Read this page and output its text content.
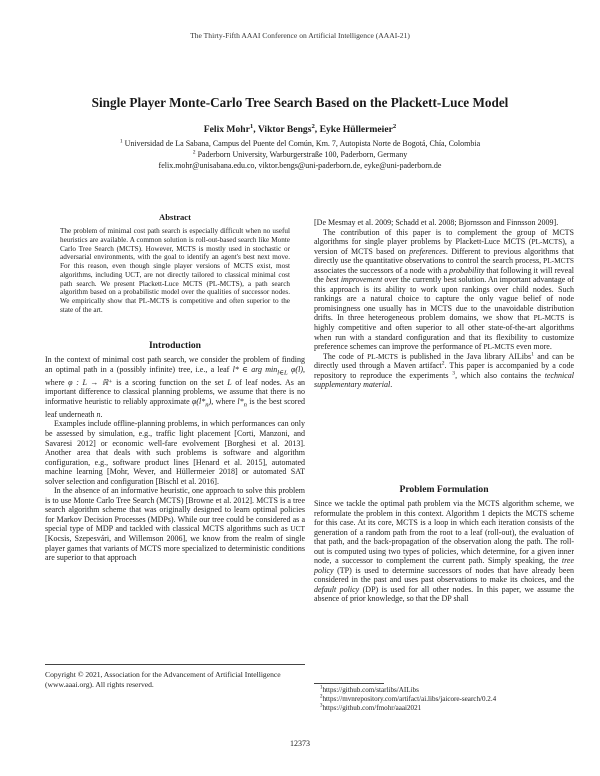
The Thirty-Fifth AAAI Conference on Artificial Intelligence (AAAI-21)
Single Player Monte-Carlo Tree Search Based on the Plackett-Luce Model
Felix Mohr$^1$, Viktor Bengs$^2$, Eyke Hüllermeier$^2$
$^1$ Universidad de La Sabana, Campus del Puente del Común, Km. 7, Autopista Norte de Bogotá, Chía, Colombia
$^2$ Paderborn University, Warburgerstraße 100, Paderborn, Germany
felix.mohr@unisabana.edu.co, viktor.bengs@uni-paderborn.de, eyke@uni-paderborn.de
Abstract

The problem of minimal cost path search is especially difficult when no useful heuristics are available. A common solution is roll-out-based search like Monte Carlo Tree Search (MCTS). However, MCTS is mostly used in stochastic or adversarial environments, with the goal to identify an agent's best next move. For this reason, even though single player versions of MCTS exist, most algorithms, including UCT, are not directly tailored to classical minimal cost path search. We present Plackett-Luce MCTS (PL-MCTS), a path search algorithm based on a probabilistic model over the qualities of successor nodes. We empirically show that PL-MCTS is competitive and often superior to the state of the art.

Introduction

In the context of minimal cost path search, we consider the problem of finding an optimal path in a (possibly infinite) tree, i.e., a leaf l* ∈ arg $\min_{l\in L} \varphi(l)$, where φ : L → ℝ⁺ is a scoring function on the set L of leaf nodes. As an important difference to classical planning problems, we assume that there is no informative heuristic to reliably approximate $\varphi(l*_n)$, where $l*_n$ is the best scored leaf underneath n.

Examples include offline-planning problems, in which performances can only be assessed by simulation, e.g., traffic light placement [Corti, Manzoni, and Savaresi 2012] or economic well-fare evolvement [Borghesi et al. 2013]. Another area that deals with such problems is software and algorithm configuration, e.g., software product lines [Henard et al. 2015], automated machine learning [Mohr, Wever, and Hüllermeier 2018] or automated SAT solver selection and configuration [Bischl et al. 2016].

In the absence of an informative heuristic, one approach to solve this problem is to use Monte Carlo Tree Search (MCTS) [Browne et al. 2012]. MCTS is a tree search algorithm scheme that was originally designed to learn optimal policies for Markov Decision Processes (MDPs). While our tree could be considered as a special type of MDP and tackled with classical MCTS algorithms such as UCT [Kocsis, Szepesvári, and Willemson 2006], we know from the realm of single player games that variants of MCTS more specialized to deterministic conditions are superior to that approach

Copyright © 2021, Association for the Advancement of Artificial Intelligence (www.aaai.org). All rights reserved.

[De Mesmay et al. 2009; Schadd et al. 2008; Bjornsson and Finnsson 2009].

The contribution of this paper is to complement the group of MCTS algorithms for single player problems by Plackett-Luce MCTS (PL-MCTS), a version of MCTS based on preferences. Different to previous algorithms that directly use the quantitative observations to control the search process, PL-MCTS associates the successors of a node with a probability that following it will reveal the best improvement over the currently best solution. An important advantage of this approach is its ability to work upon rankings over child nodes. Such rankings are a natural choice to capture the only vague belief of node promisingness one usually has in MCTS due to the unavoidable distribution drifts. In three heterogeneous problem domains, we show that PL-MCTS is highly competitive and often superior to all other state-of-the-art algorithms when run with a standard configuration and that its flexibility to customize preference schemes can improve the performance of PL-MCTS even more.

The code of PL-MCTS is published in the Java library AILibs$^1$ and can be directly used through a Maven artifact$^2$. This paper is accompanied by a code repository to reproduce the experiments $^3$, which also contains the technical supplementary material.

Problem Formulation

Since we tackle the optimal path problem via the MCTS algorithm scheme, we reformulate the problem in this context. Algorithm 1 depicts the MCTS scheme for this case. At its core, MCTS is a loop in which each iteration consists of the generation of a random path from the root to a leaf (roll-out), the evaluation of that path, and the back-propagation of the observation along the path. The roll-out is computed using two types of policies, which determine, for a given inner node, a successor to complement the current path. Simply speaking, the tree policy (TP) is used to determine successors of nodes that have already been considered in the past and uses past observations to make its choices, and the default policy (DP) is used for all other nodes. In this paper, we assume the absence of prior knowledge, so that the DP shall

$^1$https://github.com/starlibs/AILibs
$^2$https://mvnrepository.com/artifact/ai.libs/jaicore-search/0.2.4
$^3$https://github.com/fmohr/aaai2021
12373
